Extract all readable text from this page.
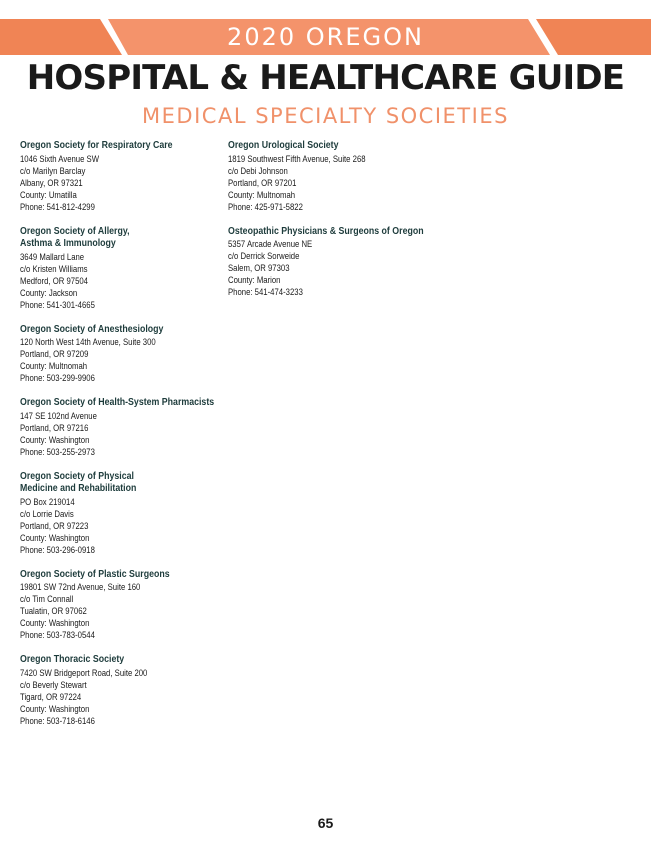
2020 OREGON
HOSPITAL & HEALTHCARE GUIDE
MEDICAL SPECIALTY SOCIETIES
Oregon Society for Respiratory Care
1046 Sixth Avenue SW
c/o Marilyn Barclay
Albany, OR 97321
County: Umatilla
Phone: 541-812-4299
Oregon Society of Allergy,
Asthma & Immunology
3649 Mallard Lane
c/o Kristen Williams
Medford, OR 97504
County: Jackson
Phone: 541-301-4665
Oregon Society of Anesthesiology
120 North West 14th Avenue, Suite 300
Portland, OR 97209
County: Multnomah
Phone: 503-299-9906
Oregon Society of Health-System Pharmacists
147 SE 102nd Avenue
Portland, OR 97216
County: Washington
Phone: 503-255-2973
Oregon Society of Physical
Medicine and Rehabilitation
PO Box 219014
c/o Lorrie Davis
Portland, OR 97223
County: Washington
Phone: 503-296-0918
Oregon Society of Plastic Surgeons
19801 SW 72nd Avenue, Suite 160
c/o Tim Connall
Tualatin, OR 97062
County: Washington
Phone: 503-783-0544
Oregon Thoracic Society
7420 SW Bridgeport Road, Suite 200
c/o Beverly Stewart
Tigard, OR 97224
County: Washington
Phone: 503-718-6146
Oregon Urological Society
1819 Southwest Fifth Avenue, Suite 268
c/o Debi Johnson
Portland, OR 97201
County: Multnomah
Phone: 425-971-5822
Osteopathic Physicians & Surgeons of Oregon
5357 Arcade Avenue NE
c/o Derrick Sorweide
Salem, OR 97303
County: Marion
Phone: 541-474-3233
65
